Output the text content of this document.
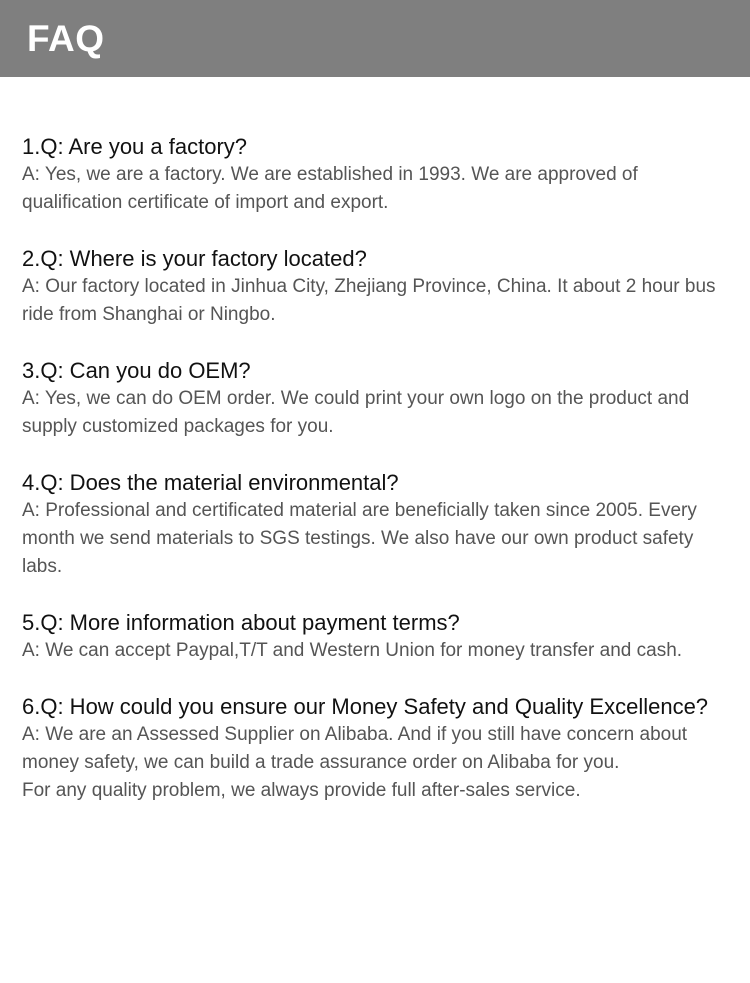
FAQ

1.Q: Are you a factory?

A: Yes, we are a factory. We are established in 1993. We are approved of qualification certificate of import and export.

2.Q: Where is your factory located?

A: Our factory located in Jinhua City, Zhejiang Province, China. It about 2 hour bus ride from Shanghai or Ningbo.

3.Q: Can you do OEM?

A: Yes, we can do OEM order. We could print your own logo on the product and supply customized packages for you.

4.Q: Does the material environmental?

A: Professional and certificated material are beneficially taken since 2005. Every month we send materials to SGS testings. We also have our own product safety labs.

5.Q: More information about payment terms?

A: We can accept Paypal,T/T and Western Union for money transfer and cash.

6.Q: How could you ensure our Money Safety and Quality Excellence?

A: We are an Assessed Supplier on Alibaba. And if you still have concern about money safety, we can build a trade assurance order on Alibaba for you.
For any quality problem, we always provide full after-sales service.
